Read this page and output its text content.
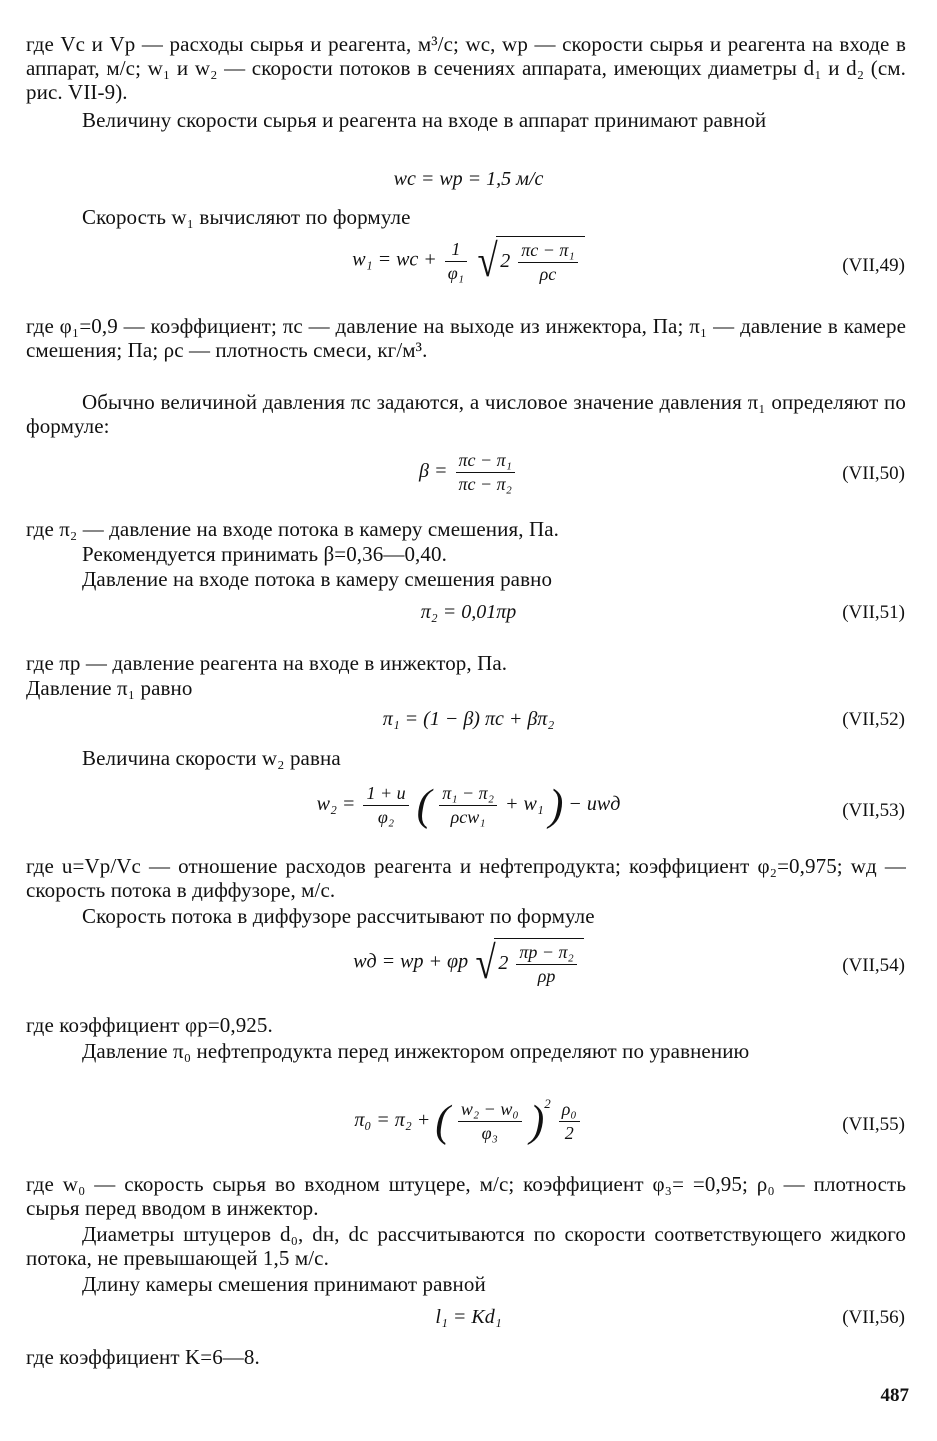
где Vс и Vр — расходы сырья и реагента, м³/с; wс, wр — скорости сырья и реагента на входе в аппарат, м/с; w₁ и w₂ — скорости потоков в сечениях аппарата, имеющих диаметры d₁ и d₂ (см. рис. VII-9).

Величину скорости сырья и реагента на входе в аппарат принимают равной

wс = wр = 1,5 м/с

Скорость w₁ вычисляют по формуле

w₁ = wс + $\frac{1}{\text{φ₁}}$ √ $2 \frac{\text{πс − π₁}}{\rho с}$	(VII,49)

где φ₁=0,9 — коэффициент; πс — давление на выходе из инжектора, Па; π₁ — давление в камере смешения; Па; ρс — плотность смеси, кг/м³.

Обычно величиной давления πс задаются, а числовое значение давления π₁ определяют по формуле:

$\beta = \frac{\text{πс − π₁}}{\text{πс − π₂}}$	(VII,50)

где π₂ — давление на входе потока в камеру смешения, Па.

Рекомендуется принимать β=0,36—0,40.

Давление на входе потока в камеру смешения равно

π₂ = 0,01πр	(VII,51)

где πр — давление реагента на входе в инжектор, Па.

Давление π₁ равно

π₁ = (1 − β) πс + βπ₂	(VII,52)

Величина скорости w₂ равна

$w_2 = \frac{1 + u}{\text{φ₂}}$ ( $\frac{\text{π₁ − π₂}}{\text{ρсw₁}} + w_1$ ) − uwд	(VII,53)

где u=Vр/Vс — отношение расходов реагента и нефтепродукта; коэффициент φ₂=0,975; wд — скорость потока в диффузоре, м/с.

Скорость потока в диффузоре рассчитывают по формуле

wд = wр + φр √ $2 \frac{\text{πр − π₂}}{\rho р}$	(VII,54)

где коэффициент φр=0,925.

Давление π₀ нефтепродукта перед инжектором определяют по уравнению

π₀ = π₂ + ( $\frac{\text{w₂ − w₀}}{\text{φ₃}} )^2 \frac{\text{ρ₀}}{2}$	(VII,55)

где w₀ — скорость сырья во входном штуцере, м/с; коэффициент φ₃= =0,95; ρ₀ — плотность сырья перед вводом в инжектор.

Диаметры штуцеров d₀, dн, dс рассчитываются по скорости соответствующего жидкого потока, не превышающей 1,5 м/с.

Длину камеры смешения принимают равной

l₁ = Kd₁	(VII,56)

где коэффициент K=6—8.

487
